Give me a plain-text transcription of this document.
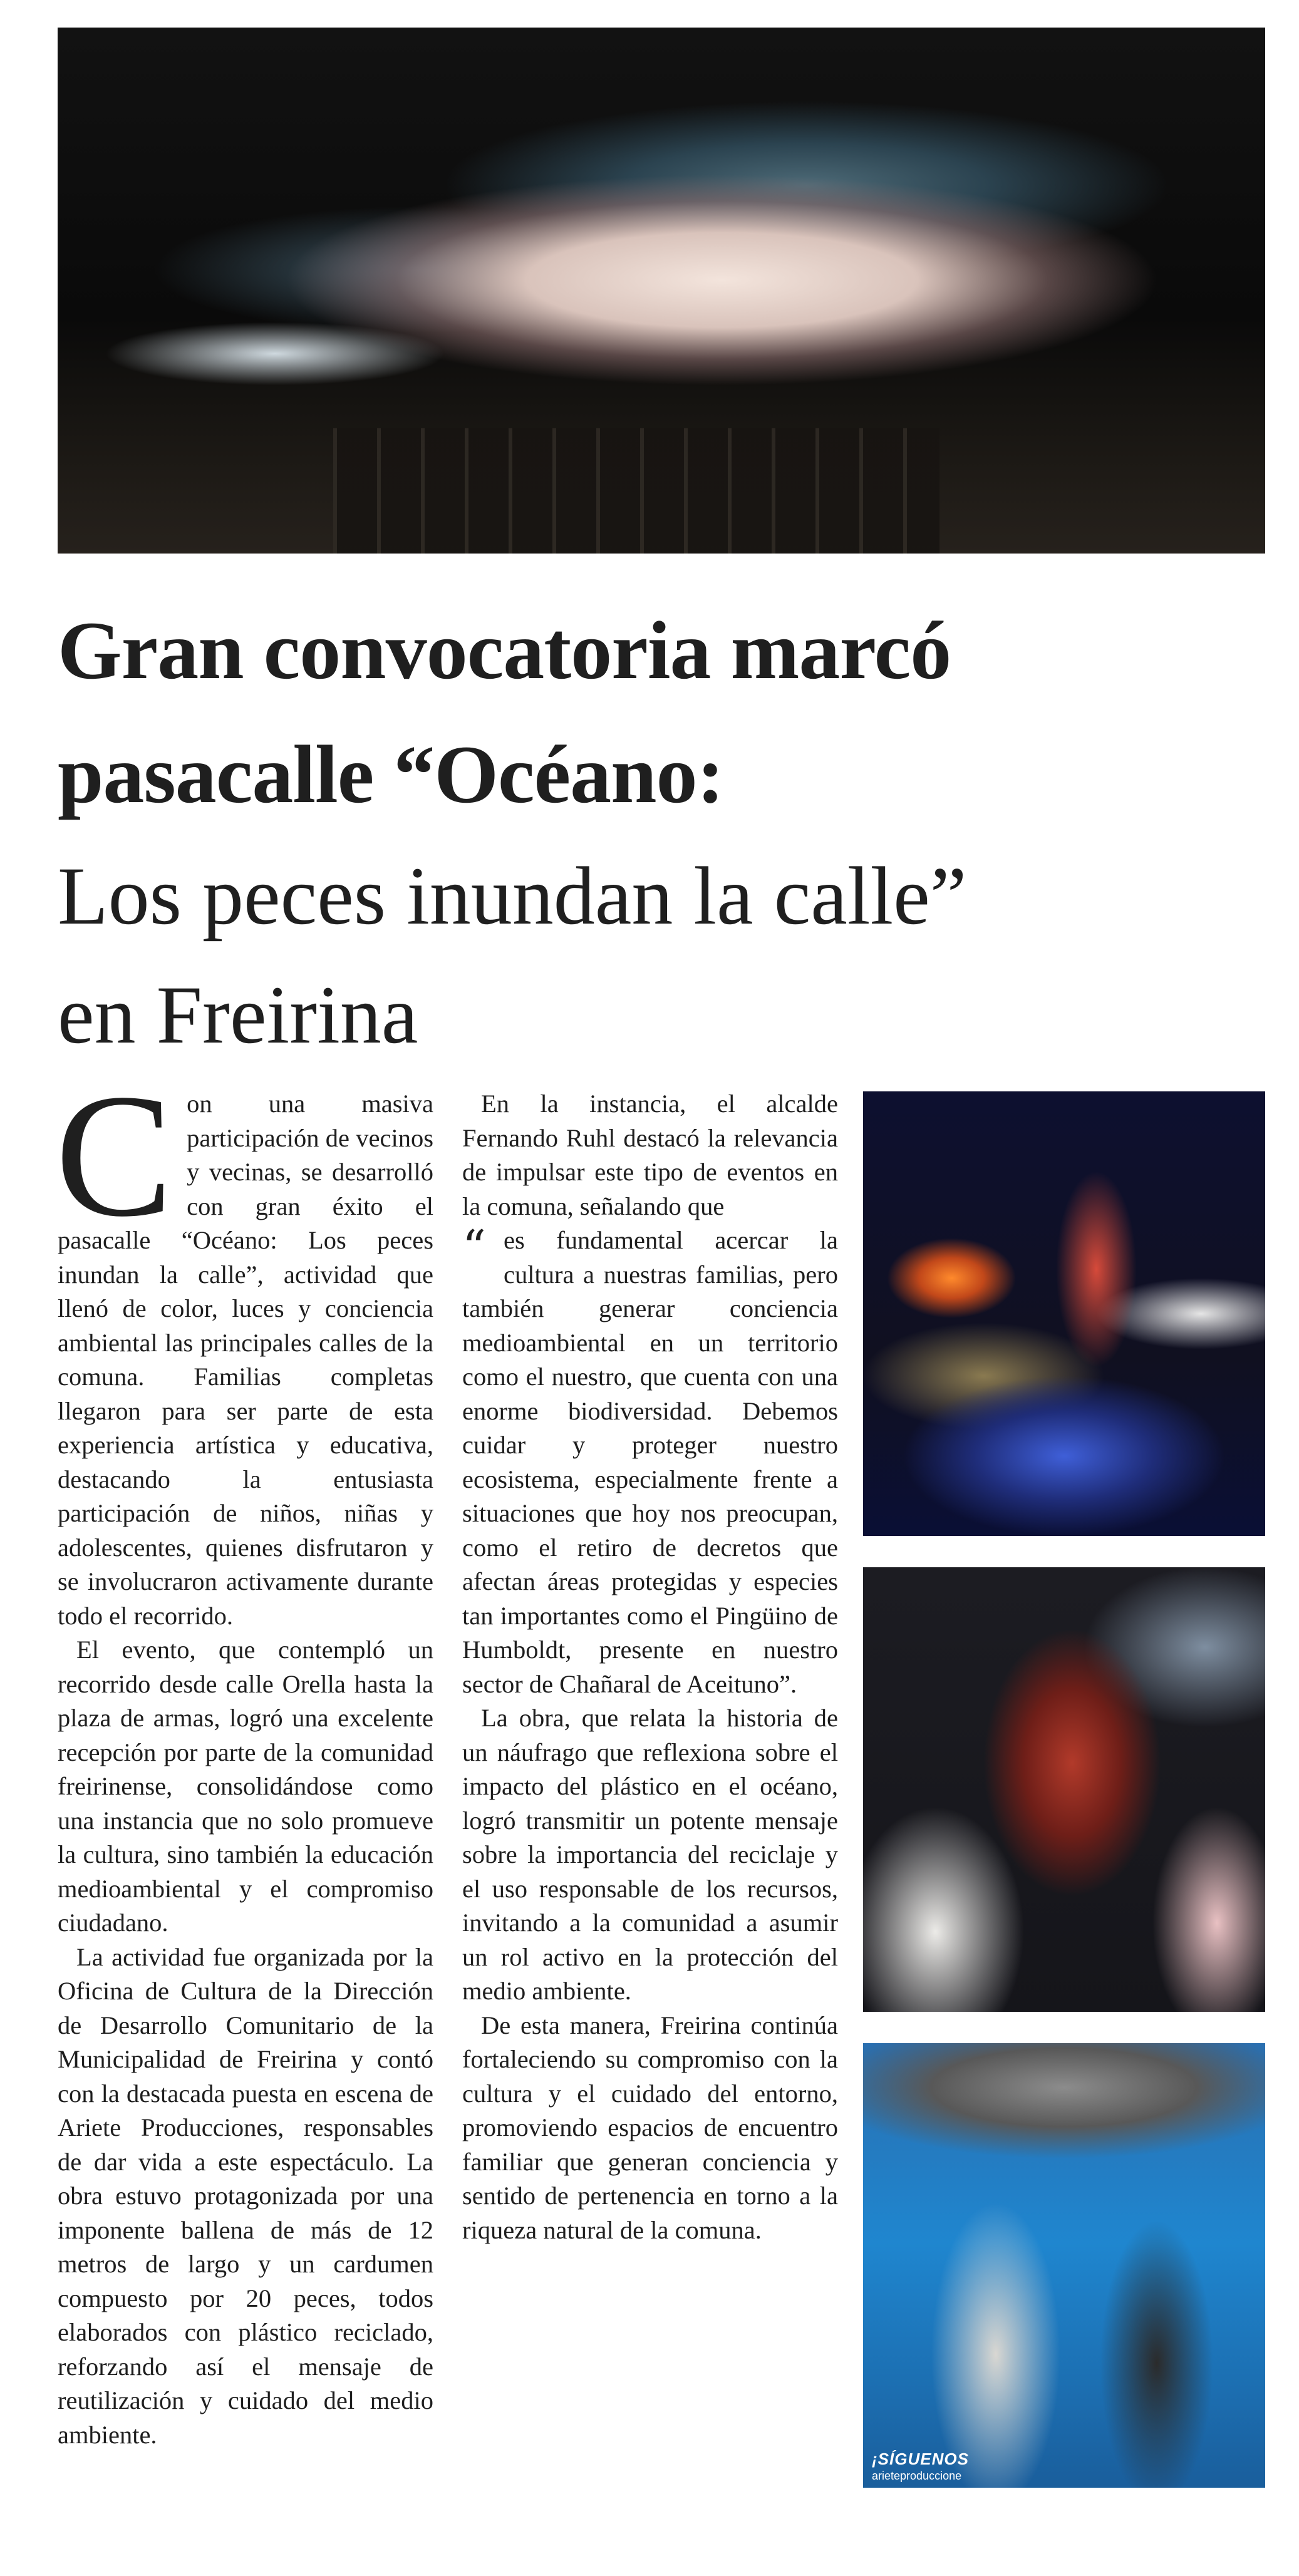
Gran convocatoria marcó
pasacalle “Océano:
Los peces inundan la calle”
en Freirina

Con una masiva participación de vecinos y vecinas, se desarrolló con gran éxito el pasacalle “Océano: Los peces inundan la calle”, actividad que llenó de color, luces y conciencia ambiental las principales calles de la comuna. Familias completas llegaron para ser parte de esta experiencia artística y educativa, destacando la entusiasta participación de niños, niñas y adolescentes, quienes disfrutaron y se involucraron activamente durante todo el recorrido.

El evento, que contempló un recorrido desde calle Orella hasta la plaza de armas, logró una excelente recepción por parte de la comunidad freirinense, consolidándose como una instancia que no solo promueve la cultura, sino también la educación medioambiental y el compromiso ciudadano.

La actividad fue organizada por la Oficina de Cultura de la Dirección de Desarrollo Comunitario de la Municipalidad de Freirina y contó con la destacada puesta en escena de Ariete Producciones, responsables de dar vida a este espectáculo. La obra estuvo protagonizada por una imponente ballena de más de 12 metros de largo y un cardumen compuesto por 20 peces, todos elaborados con plástico reciclado, reforzando así el mensaje de reutilización y cuidado del medio ambiente.

En la instancia, el alcalde Fernando Ruhl destacó la relevancia de impulsar este tipo de eventos en la comuna, señalando que

“ es fundamental acercar la cultura a nuestras familias, pero también generar conciencia medioambiental en un territorio como el nuestro, que cuenta con una enorme biodiversidad. Debemos cuidar y proteger nuestro ecosistema, especialmente frente a situaciones que hoy nos preocupan, como el retiro de decretos que afectan áreas protegidas y especies tan importantes como el Pingüino de Humboldt, presente en nuestro sector de Chañaral de Aceituno”.

La obra, que relata la historia de un náufrago que reflexiona sobre el impacto del plástico en el océano, logró transmitir un potente mensaje sobre la importancia del reciclaje y el uso responsable de los recursos, invitando a la comunidad a asumir un rol activo en la protección del medio ambiente.

De esta manera, Freirina continúa fortaleciendo su compromiso con la cultura y el cuidado del entorno, promoviendo espacios de encuentro familiar que generan conciencia y sentido de pertenencia en torno a la riqueza natural de la comuna.

¡SÍGUENOS
arieteproduccione
